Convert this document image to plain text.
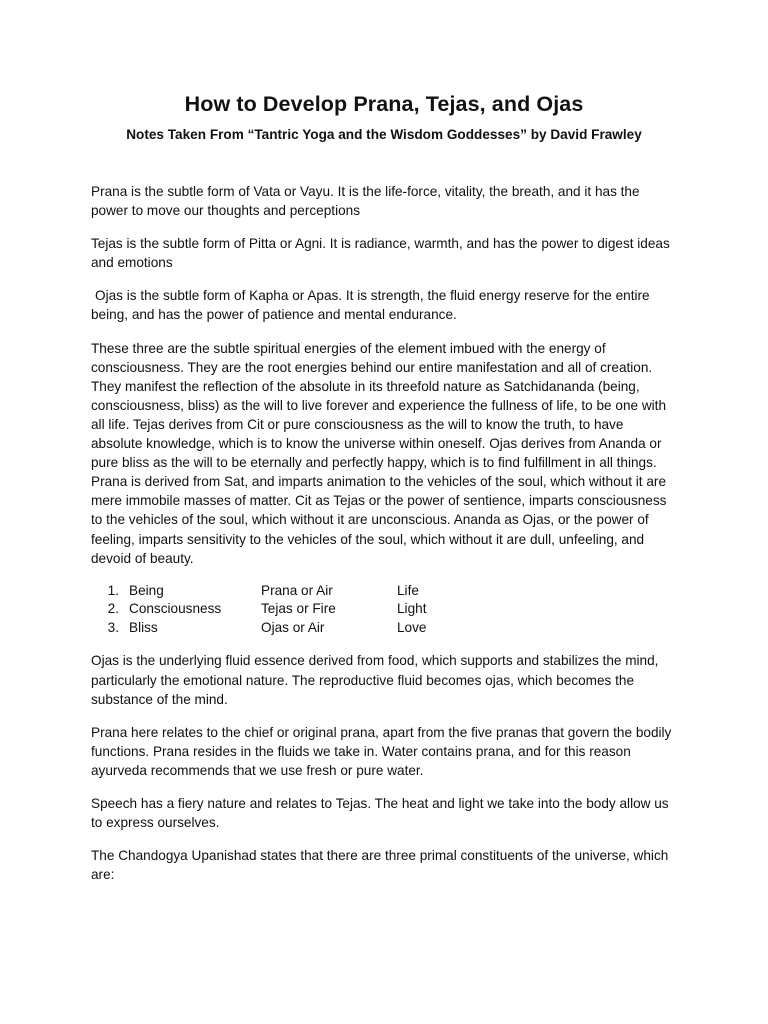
How to Develop Prana, Tejas, and Ojas

Notes Taken From “Tantric Yoga and the Wisdom Goddesses” by David Frawley

Prana is the subtle form of Vata or Vayu. It is the life-force, vitality, the breath, and it has the power to move our thoughts and perceptions

Tejas is the subtle form of Pitta or Agni. It is radiance, warmth, and has the power to digest ideas and emotions

Ojas is the subtle form of Kapha or Apas. It is strength, the fluid energy reserve for the entire being, and has the power of patience and mental endurance.

These three are the subtle spiritual energies of the element imbued with the energy of consciousness. They are the root energies behind our entire manifestation and all of creation. They manifest the reflection of the absolute in its threefold nature as Satchidananda (being, consciousness, bliss) as the will to live forever and experience the fullness of life, to be one with all life. Tejas derives from Cit or pure consciousness as the will to know the truth, to have absolute knowledge, which is to know the universe within oneself. Ojas derives from Ananda or pure bliss as the will to be eternally and perfectly happy, which is to find fulfillment in all things. Prana is derived from Sat, and imparts animation to the vehicles of the soul, which without it are mere immobile masses of matter. Cit as Tejas or the power of sentience, imparts consciousness to the vehicles of the soul, which without it are unconscious. Ananda as Ojas, or the power of feeling, imparts sensitivity to the vehicles of the soul, which without it are dull, unfeeling, and devoid of beauty.

1. Being	Prana or Air	Life
2. Consciousness	Tejas or Fire	Light
3. Bliss	Ojas or Air	Love

Ojas is the underlying fluid essence derived from food, which supports and stabilizes the mind, particularly the emotional nature. The reproductive fluid becomes ojas, which becomes the substance of the mind.

Prana here relates to the chief or original prana, apart from the five pranas that govern the bodily functions. Prana resides in the fluids we take in. Water contains prana, and for this reason ayurveda recommends that we use fresh or pure water.

Speech has a fiery nature and relates to Tejas. The heat and light we take into the body allow us to express ourselves.

The Chandogya Upanishad states that there are three primal constituents of the universe, which are:
